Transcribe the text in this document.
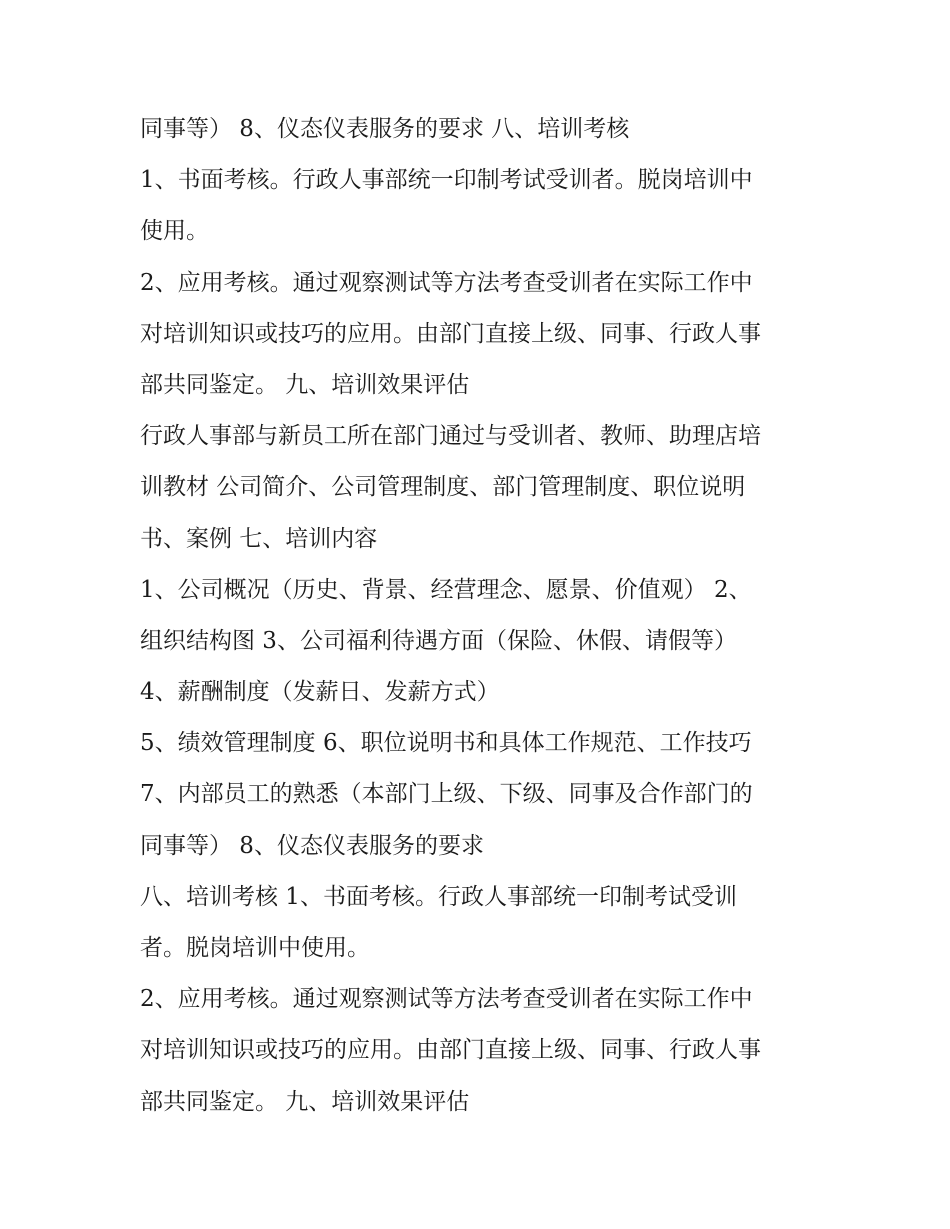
同事等） 8、仪态仪表服务的要求 八、培训考核
1、书面考核。行政人事部统一印制考试受训者。脱岗培训中
使用。
2、应用考核。通过观察测试等方法考查受训者在实际工作中
对培训知识或技巧的应用。由部门直接上级、同事、行政人事
部共同鉴定。 九、培训效果评估
行政人事部与新员工所在部门通过与受训者、教师、助理店培
训教材 公司简介、公司管理制度、部门管理制度、职位说明
书、案例 七、培训内容
1、公司概况（历史、背景、经营理念、愿景、价值观） 2、
组织结构图 3、公司福利待遇方面（保险、休假、请假等）
4、薪酬制度（发薪日、发薪方式）
5、绩效管理制度 6、职位说明书和具体工作规范、工作技巧
7、内部员工的熟悉（本部门上级、下级、同事及合作部门的
同事等） 8、仪态仪表服务的要求
八、培训考核 1、书面考核。行政人事部统一印制考试受训
者。脱岗培训中使用。
2、应用考核。通过观察测试等方法考查受训者在实际工作中
对培训知识或技巧的应用。由部门直接上级、同事、行政人事
部共同鉴定。 九、培训效果评估
